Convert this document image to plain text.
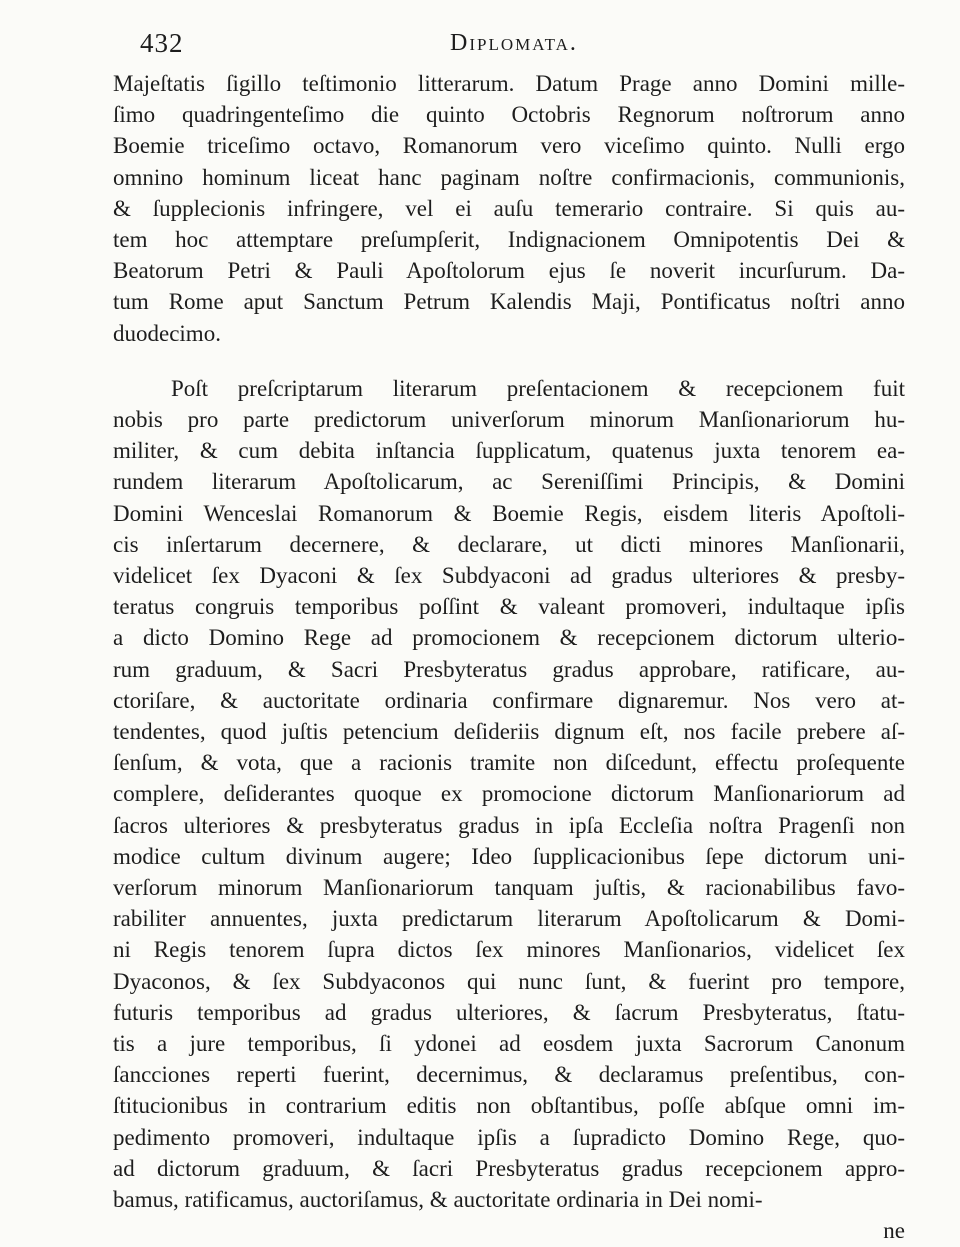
432	Diplomata.
Majeſtatis ſigillo teſtimonio litterarum. Datum Prage anno Domini mille-
ſimo quadringenteſimo die quinto Octobris Regnorum noſtrorum anno
Boemie triceſimo octavo, Romanorum vero viceſimo quinto. Nulli ergo
omnino hominum liceat hanc paginam noſtre confirmacionis, communionis,
& ſupplecionis infringere, vel ei auſu temerario contraire. Si quis au-
tem hoc attemptare preſumpſerit, Indignacionem Omnipotentis Dei &
Beatorum Petri & Pauli Apoſtolorum ejus ſe noverit incurſurum. Da-
tum Rome aput Sanctum Petrum Kalendis Maji, Pontificatus noſtri anno
duodecimo.
Poſt preſcriptarum literarum preſentacionem & recepcionem fuit
nobis pro parte predictorum univerſorum minorum Manſionariorum hu-
militer, & cum debita inſtancia ſupplicatum, quatenus juxta tenorem ea-
rundem literarum Apoſtolicarum, ac Sereniſſimi Principis, & Domini
Domini Wenceslai Romanorum & Boemie Regis, eisdem literis Apoſtoli-
cis inſertarum decernere, & declarare, ut dicti minores Manſionarii,
videlicet ſex Dyaconi & ſex Subdyaconi ad gradus ulteriores & presby-
teratus congruis temporibus poſſint & valeant promoveri, indultaque ipſis
a dicto Domino Rege ad promocionem & recepcionem dictorum ulterio-
rum graduum, & Sacri Presbyteratus gradus approbare, ratificare, au-
ctoriſare, & auctoritate ordinaria confirmare dignaremur. Nos vero at-
tendentes, quod juſtis petencium deſideriis dignum eſt, nos facile prebere aſ-
ſenſum, & vota, que a racionis tramite non diſcedunt, effectu proſequente
complere, deſiderantes quoque ex promocione dictorum Manſionariorum ad
ſacros ulteriores & presbyteratus gradus in ipſa Eccleſia noſtra Pragenſi non
modice cultum divinum augere; Ideo ſupplicacionibus ſepe dictorum uni-
verſorum minorum Manſionariorum tanquam juſtis, & racionabilibus favo-
rabiliter annuentes, juxta predictarum literarum Apoſtolicarum & Domi-
ni Regis tenorem ſupra dictos ſex minores Manſionarios, videlicet ſex
Dyaconos, & ſex Subdyaconos qui nunc ſunt, & fuerint pro tempore,
futuris temporibus ad gradus ulteriores, & ſacrum Presbyteratus, ſtatu-
tis a jure temporibus, ſi ydonei ad eosdem juxta Sacrorum Canonum
ſancciones reperti fuerint, decernimus, & declaramus preſentibus, con-
ſtitucionibus in contrarium editis non obſtantibus, poſſe abſque omni im-
pedimento promoveri, indultaque ipſis a ſupradicto Domino Rege, quo-
ad dictorum graduum, & ſacri Presbyteratus gradus recepcionem appro-
bamus, ratificamus, auctoriſamus, & auctoritate ordinaria in Dei nomi-
ne
